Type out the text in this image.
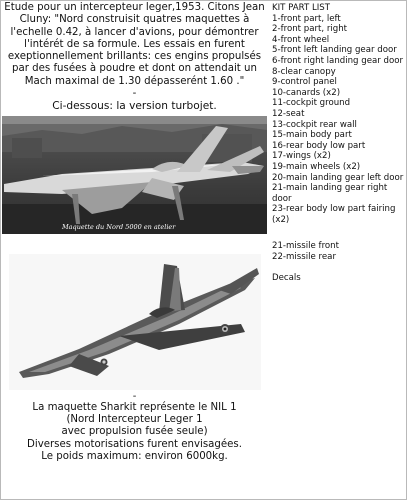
Etude pour un intercepteur leger,1953. Citons Jean Cluny: "Nord construisit quatres maquettes à l'echelle 0.42, à lancer d'avions, pour démontrer l'intérét de sa formule. Les essais en furent exeptionnellement brillants: ces engins propulsés par des fusées à poudre et dont on attendait un Mach maximal de 1.30 dépasserént 1.60 ."

-

Ci-dessous: la version turbojet.

Maquette du Nord 5000 en atelier
-

La maquette Sharkit représente le NIL 1

(Nord Intercepteur Leger 1

avec propulsion fusée seule)

Diverses motorisations furent envisagées.

Le poids maximum: environ 6000kg.

KIT PART LIST

1-front part, left
2-front part, right
4-front wheel
5-front left landing gear door
6-front right landing gear door
8-clear canopy
9-control panel
10-canards (x2)
11-cockpit ground
12-seat
13-cockpit rear wall
15-main body part
16-rear body low part
17-wings (x2)
19-main wheels (x2)
20-main landing gear left door
21-main landing gear right door
23-rear body low part fairing (x2)
21-missile front
22-missile rear

Decals
